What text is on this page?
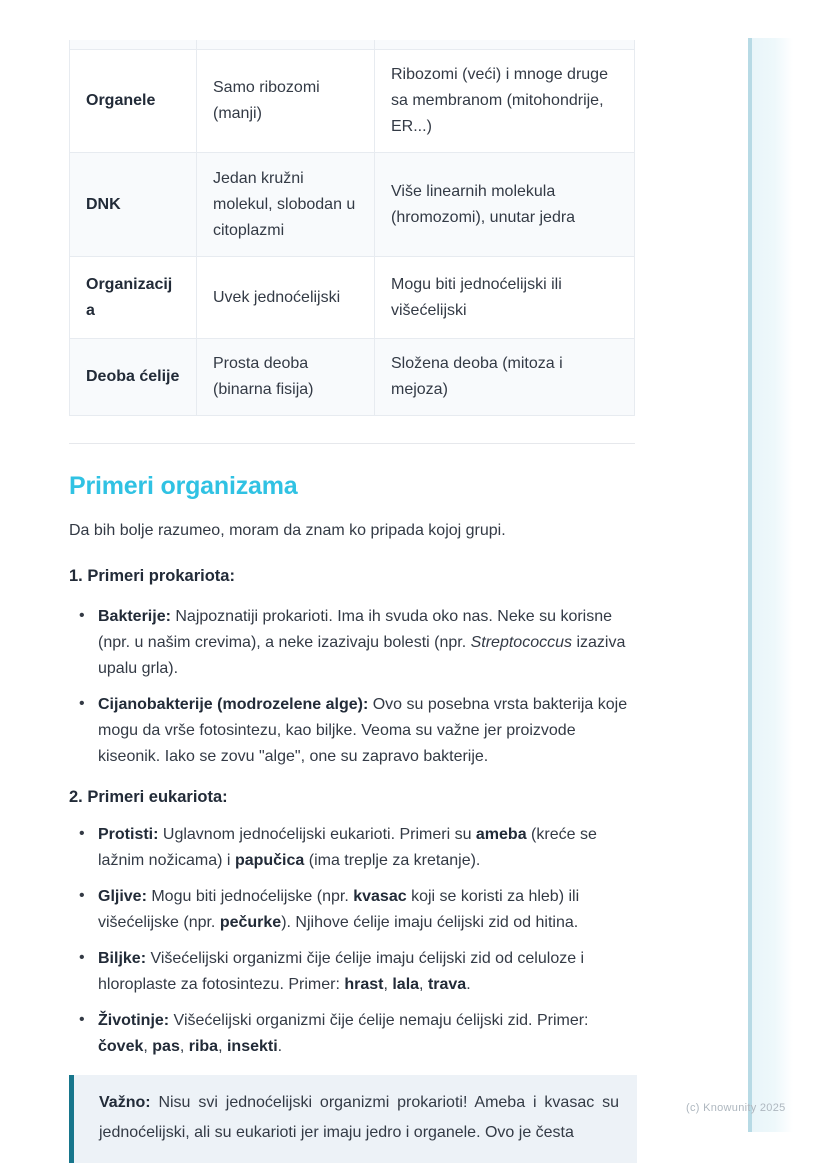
Organele	Samo ribozomi (manji)	Ribozomi (veći) i mnoge druge sa membranom (mitohondrije, ER...)
DNK	Jedan kružni molekul, slobodan u citoplazmi	Više linearnih molekula (hromozomi), unutar jedra
Organizacija	Uvek jednoćelijski	Mogu biti jednoćelijski ili višećelijski
Deoba ćelije	Prosta deoba (binarna fisija)	Složena deoba (mitoza i mejoza)
Primeri organizama

Da bih bolje razumeo, moram da znam ko pripada kojoj grupi.

1. Primeri prokariota:

• Bakterije: Najpoznatiji prokarioti. Ima ih svuda oko nas. Neke su korisne (npr. u našim crevima), a neke izazivaju bolesti (npr. Streptococcus izaziva upalu grla).
• Cijanobakterije (modrozelene alge): Ovo su posebna vrsta bakterija koje mogu da vrše fotosintezu, kao biljke. Veoma su važne jer proizvode kiseonik. Iako se zovu "alge", one su zapravo bakterije.

2. Primeri eukariota:

• Protisti: Uglavnom jednoćelijski eukarioti. Primeri su ameba (kreće se lažnim nožicama) i papučica (ima treplje za kretanje).
• Gljive: Mogu biti jednoćelijske (npr. kvasac koji se koristi za hleb) ili višećelijske (npr. pečurke). Njihove ćelije imaju ćelijski zid od hitina.
• Biljke: Višećelijski organizmi čije ćelije imaju ćelijski zid od celuloze i hloroplaste za fotosintezu. Primer: hrast, lala, trava.
• Životinje: Višećelijski organizmi čije ćelije nemaju ćelijski zid. Primer: čovek, pas, riba, insekti.

Važno: Nisu svi jednoćelijski organizmi prokarioti! Ameba i kvasac su jednoćelijski, ali su eukarioti jer imaju jedro i organele. Ovo je česta

(c) Knowunity 2025
